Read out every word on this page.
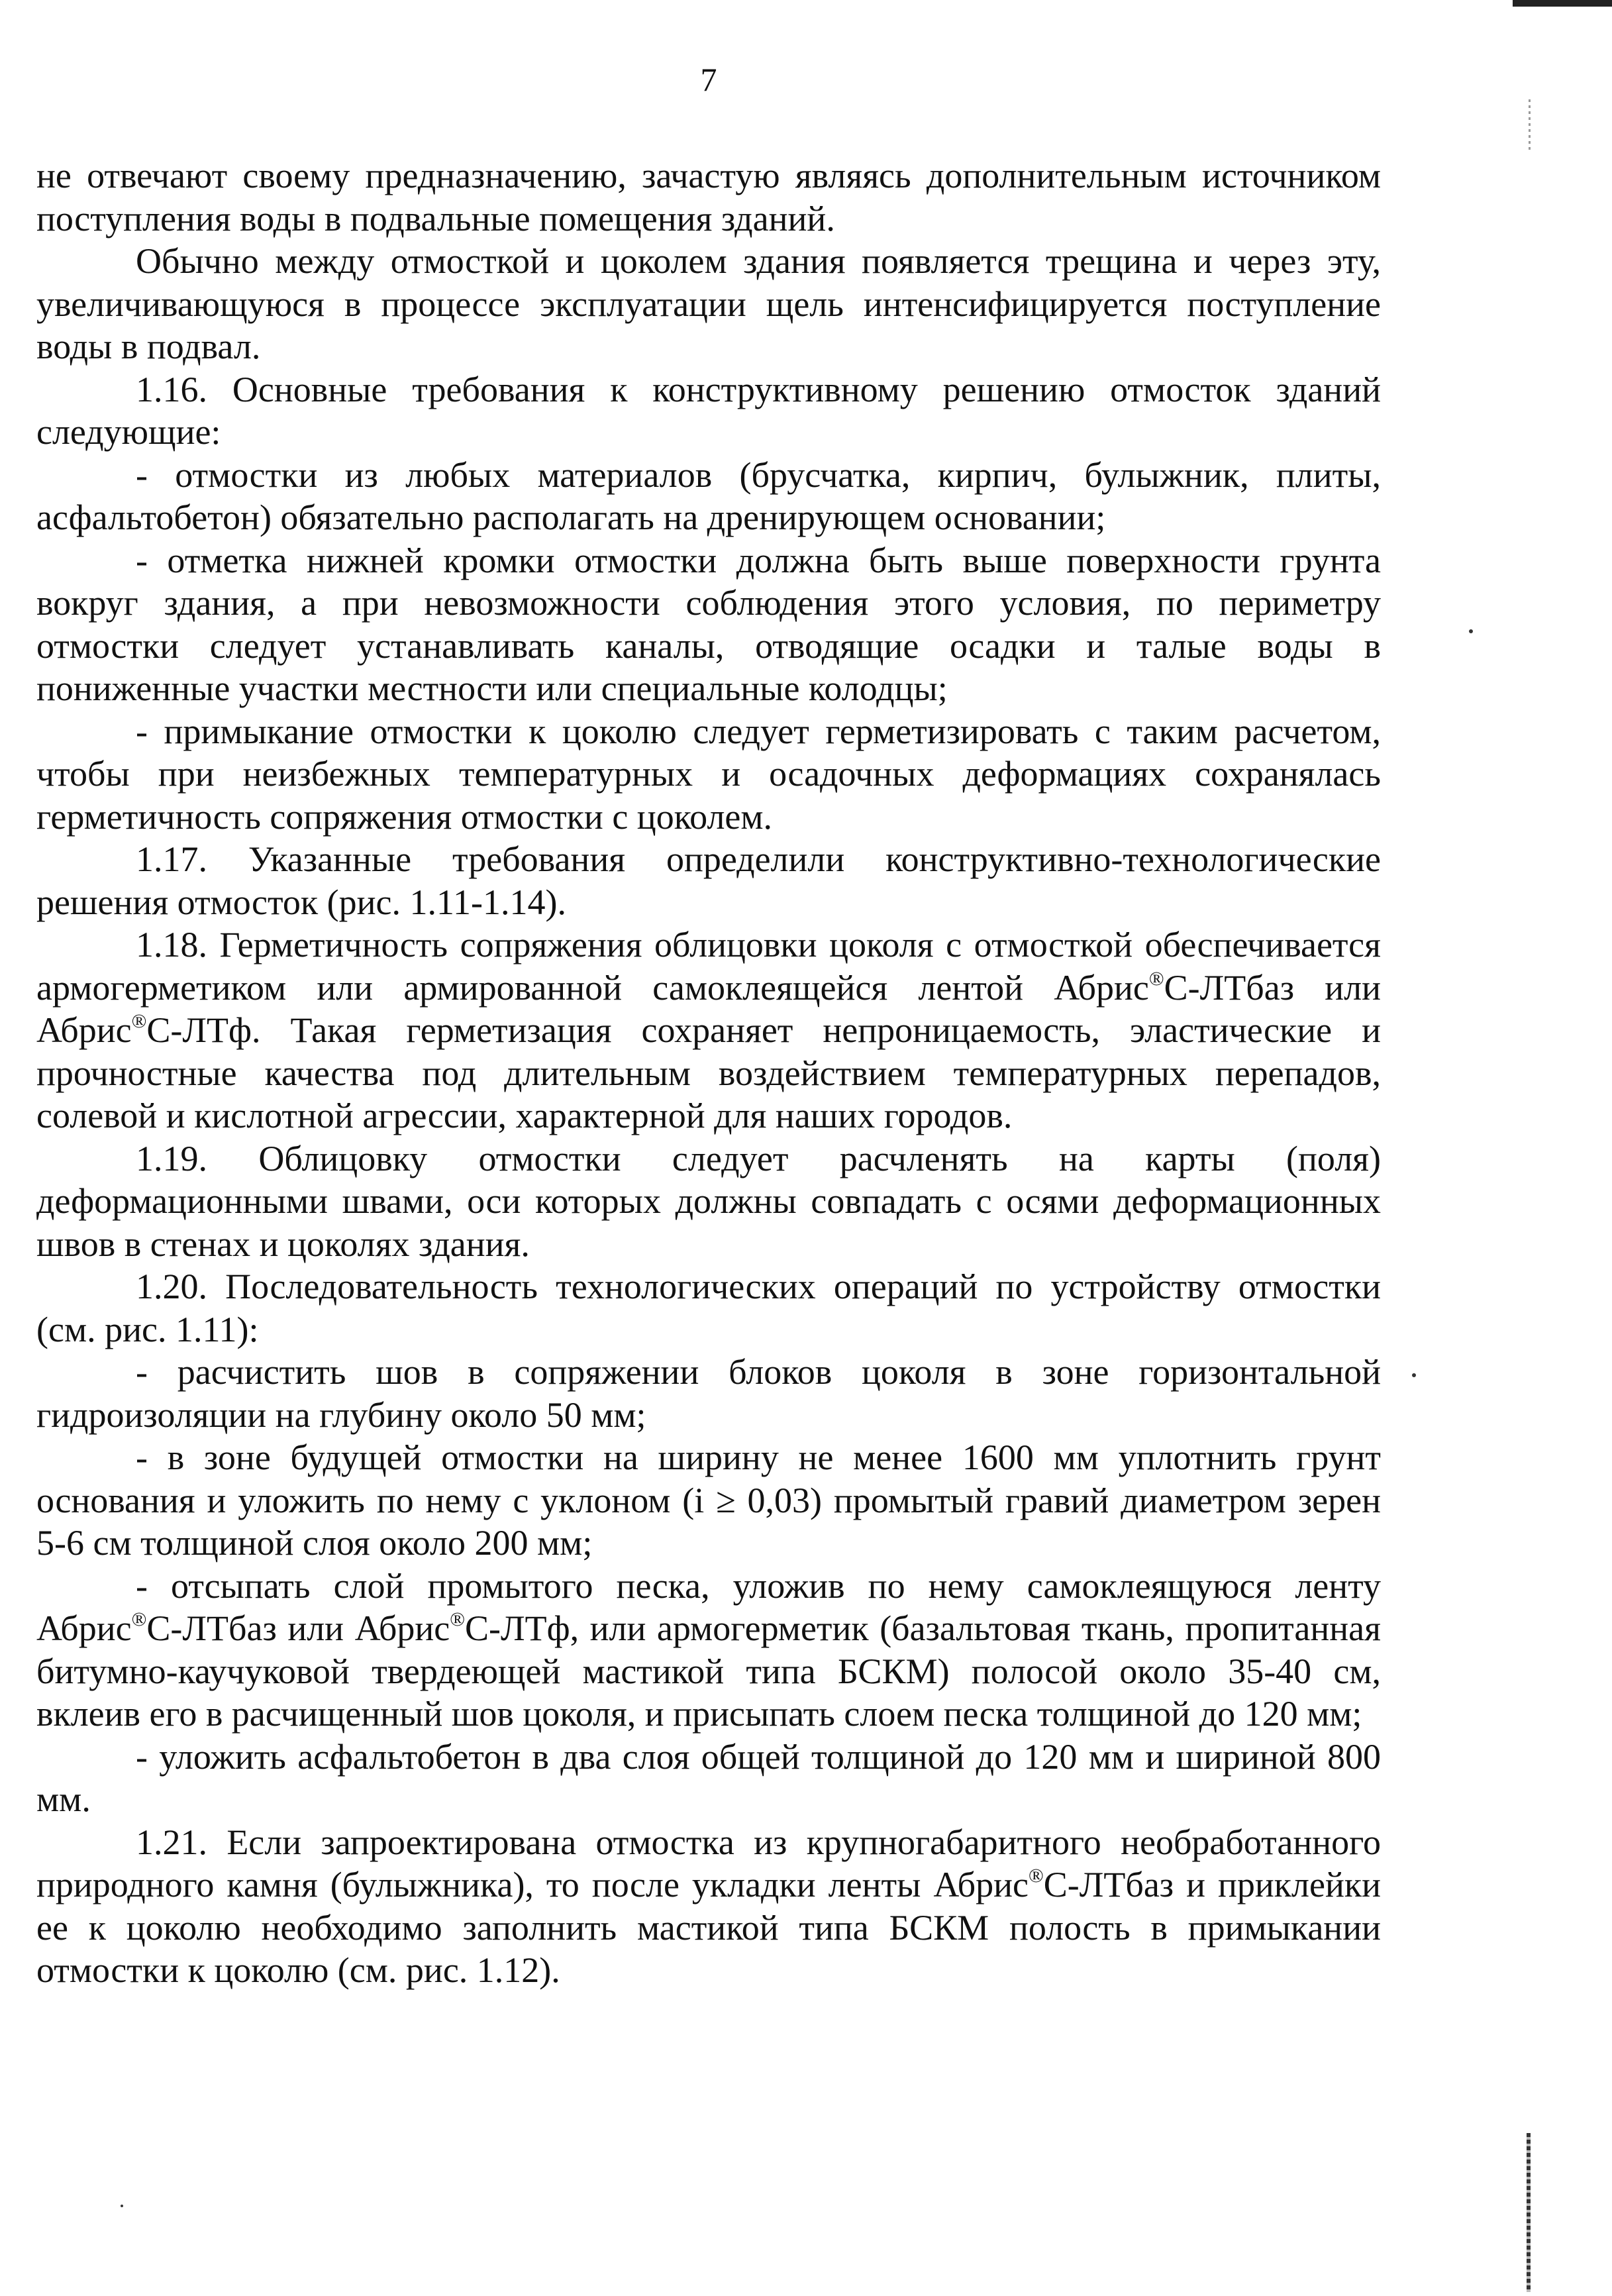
7

не отвечают своему предназначению, зачастую являясь дополнительным источником поступления воды в подвальные помещения зданий.

Обычно между отмосткой и цоколем здания появляется трещина и через эту, увеличивающуюся в процессе эксплуатации щель интенсифицируется поступление воды в подвал.

1.16. Основные требования к конструктивному решению отмосток зданий следующие:

- отмостки из любых материалов (брусчатка, кирпич, булыжник, плиты, асфальтобетон) обязательно располагать на дренирующем основании;

- отметка нижней кромки отмостки должна быть выше поверхности грунта вокруг здания, а при невозможности соблюдения этого условия, по периметру отмостки следует устанавливать каналы, отводящие осадки и талые воды в пониженные участки местности или специальные колодцы;

- примыкание отмостки к цоколю следует герметизировать с таким расчетом, чтобы при неизбежных температурных и осадочных деформациях сохранялась герметичность сопряжения отмостки с цоколем.

1.17. Указанные требования определили конструктивно-технологические решения отмосток (рис. 1.11-1.14).

1.18. Герметичность сопряжения облицовки цоколя с отмосткой обеспечивается армогерметиком или армированной самоклеящейся лентой Абрис®С-ЛТбаз или Абрис®С-ЛТф. Такая герметизация сохраняет непроницаемость, эластические и прочностные качества под длительным воздействием температурных перепадов, солевой и кислотной агрессии, характерной для наших городов.

1.19. Облицовку отмостки следует расчленять на карты (поля) деформационными швами, оси которых должны совпадать с осями деформационных швов в стенах и цоколях здания.

1.20. Последовательность технологических операций по устройству отмостки (см. рис. 1.11):

- расчистить шов в сопряжении блоков цоколя в зоне горизонтальной гидроизоляции на глубину около 50 мм;

- в зоне будущей отмостки на ширину не менее 1600 мм уплотнить грунт основания и уложить по нему с уклоном (i ≥ 0,03) промытый гравий диаметром зерен 5-6 см толщиной слоя около 200 мм;

- отсыпать слой промытого песка, уложив по нему самоклеящуюся ленту Абрис®С-ЛТбаз или Абрис®С-ЛТф, или армогерметик (базальтовая ткань, пропитанная битумно-каучуковой твердеющей мастикой типа БСКМ) полосой около 35-40 см, вклеив его в расчищенный шов цоколя, и присыпать слоем песка толщиной до 120 мм;

- уложить асфальтобетон в два слоя общей толщиной до 120 мм и шириной 800 мм.

1.21. Если запроектирована отмостка из крупногабаритного необработанного природного камня (булыжника), то после укладки ленты Абрис®С-ЛТбаз и приклейки ее к цоколю необходимо заполнить мастикой типа БСКМ полость в примыкании отмостки к цоколю (см. рис. 1.12).
